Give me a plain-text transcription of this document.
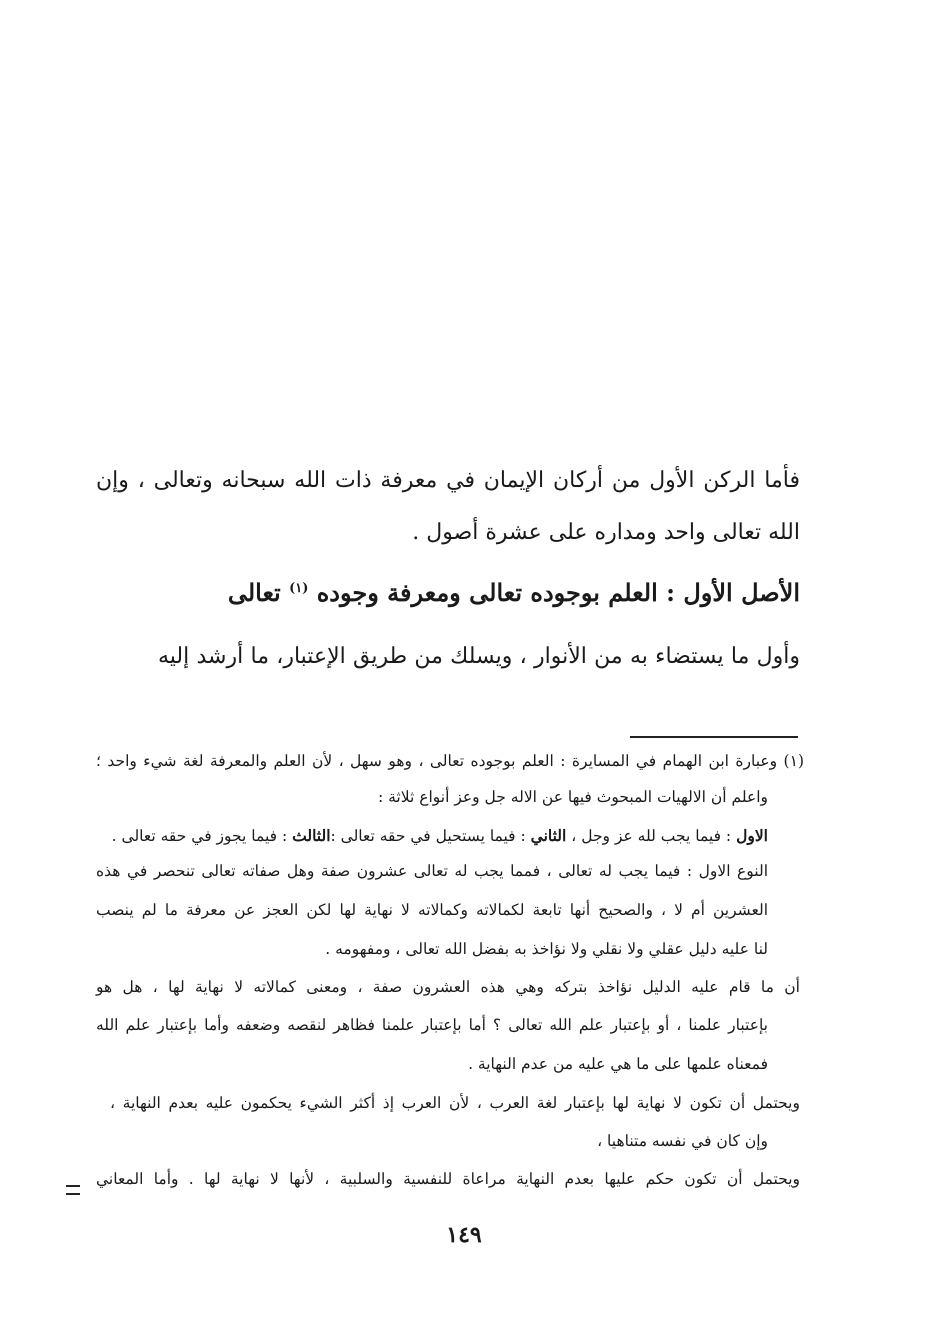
فأما الركن الأول من أركان الإيمان في معرفة ذات الله سبحانه وتعالى ، وإن
الله تعالى واحد ومداره على عشرة أصول .
الأصل الأول : العلم بوجوده تعالى ومعرفة وجوده $^{(١)}$ تعالى
وأول ما يستضاء به من الأنوار ، ويسلك من طريق الإعتبار، ما أرشد إليه
(١) وعبارة ابن الهمام في المسايرة : العلم بوجوده تعالى ، وهو سهل ، لأن العلم والمعرفة لغة شيء واحد ؛
واعلم أن الالهيات المبحوث فيها عن الاله جل وعز أنواع ثلاثة :
الاول : فيما يجب لله عز وجل ، الثاني : فيما يستحيل في حقه تعالى :
الثالث : فيما يجوز في حقه تعالى .
النوع الاول : فيما يجب له تعالى ، فمما يجب له تعالى عشرون صفة وهل صفاته تعالى تنحصر في هذه
العشرين أم لا ، والصحيح أنها تابعة لكمالاته وكمالاته لا نهاية لها لكن العجز عن معرفة ما لم ينصب
لنا عليه دليل عقلي ولا نقلي ولا نؤاخذ به بفضل الله تعالى ، ومفهومه .
أن ما قام عليه الدليل نؤاخذ بتركه وهي هذه العشرون صفة ، ومعنى كمالاته لا نهاية لها ، هل هو
بإعتبار علمنا ، أو بإعتبار علم الله تعالى ؟ أما بإعتبار علمنا فظاهر لنقصه وضعفه وأما بإعتبار علم الله
فمعناه علمها على ما هي عليه من عدم النهاية .
ويحتمل أن تكون لا نهاية لها بإعتبار لغة العرب ، لأن العرب إذ أكثر الشيء يحكمون عليه بعدم النهاية ،
وإن كان في نفسه متناهيا ،
ويحتمل أن تكون حكم عليها بعدم النهاية مراعاة للنفسية والسلبية ، لأنها لا نهاية لها . وأما المعاني
١٤٩
